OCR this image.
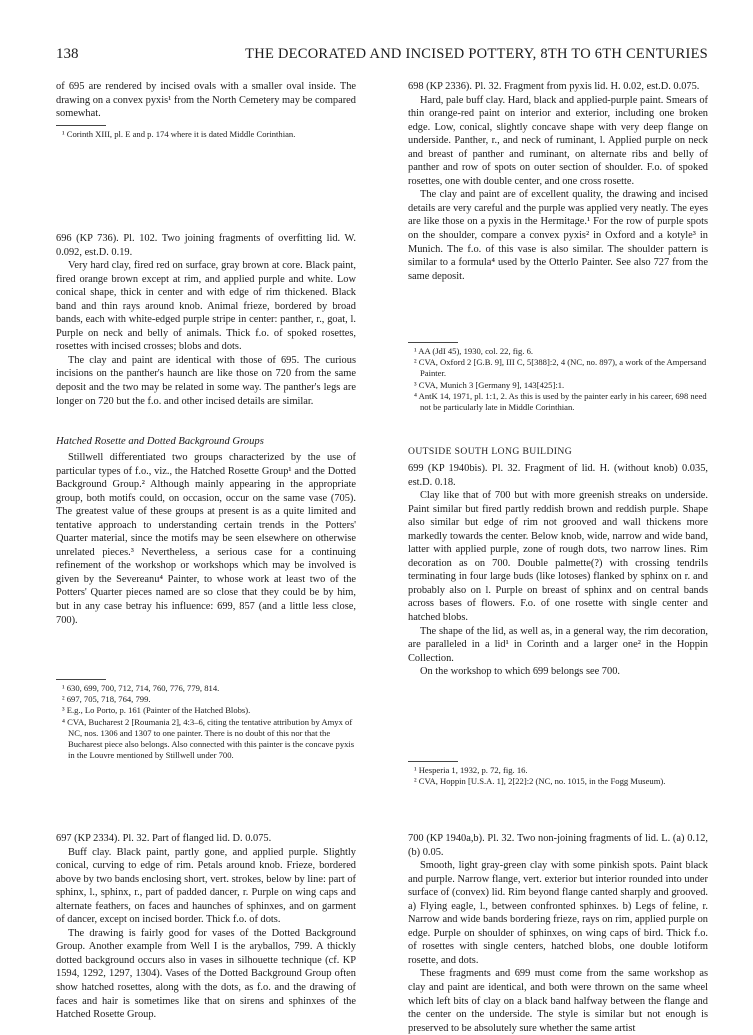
138	THE DECORATED AND INCISED POTTERY, 8TH TO 6TH CENTURIES

of 695 are rendered by incised ovals with a smaller oval inside. The drawing on a convex pyxis¹ from the North Cemetery may be compared somewhat.

¹ Corinth XIII, pl. E and p. 174 where it is dated Middle Corinthian.

696 (KP 736). Pl. 102. Two joining fragments of overfitting lid. W. 0.092, est.D. 0.19.

Very hard clay, fired red on surface, gray brown at core. Black paint, fired orange brown except at rim, and applied purple and white. Low conical shape, thick in center and with edge of rim thickened. Black band and thin rays around knob. Animal frieze, bordered by broad bands, each with white-edged purple stripe in center: panther, r., goat, l. Purple on neck and belly of animals. Thick f.o. of spoked rosettes, rosettes with incised crosses; blobs and dots.

The clay and paint are identical with those of 695. The curious incisions on the panther's haunch are like those on 720 from the same deposit and the two may be related in some way. The panther's legs are longer on 720 but the f.o. and other incised details are similar.

Hatched Rosette and Dotted Background Groups

Stillwell differentiated two groups characterized by the use of particular types of f.o., viz., the Hatched Rosette Group¹ and the Dotted Background Group.² Although mainly appearing in the appropriate group, both motifs could, on occasion, occur on the same vase (705). The greatest value of these groups at present is as a quite limited and tentative approach to understanding certain trends in the Potters' Quarter material, since the motifs may be seen elsewhere on otherwise unrelated pieces.³ Nevertheless, a serious case for a continuing refinement of the workshop or workshops which may be involved is given by the Severeanu⁴ Painter, to whose work at least two of the Potters' Quarter pieces named are so close that they could be by him, but in any case betray his influence: 699, 857 (and a little less close, 700).

¹ 630, 699, 700, 712, 714, 760, 776, 779, 814.

² 697, 705, 718, 764, 799.

³ E.g., Lo Porto, p. 161 (Painter of the Hatched Blobs).

⁴ CVA, Bucharest 2 [Roumania 2], 4:3–6, citing the tentative attribution by Amyx of NC, nos. 1306 and 1307 to one painter. There is no doubt of this nor that the Bucharest piece also belongs. Also connected with this painter is the concave pyxis in the Louvre mentioned by Stillwell under 700.

697 (KP 2334). Pl. 32. Part of flanged lid. D. 0.075.

Buff clay. Black paint, partly gone, and applied purple. Slightly conical, curving to edge of rim. Petals around knob. Frieze, bordered above by two bands enclosing short, vert. strokes, below by line: part of sphinx, l., sphinx, r., part of padded dancer, r. Purple on wing caps and alternate feathers, on faces and haunches of sphinxes, and on garment of dancer, except on incised border. Thick f.o. of dots.

The drawing is fairly good for vases of the Dotted Background Group. Another example from Well I is the aryballos, 799. A thickly dotted background occurs also in vases in silhouette technique (cf. KP 1594, 1292, 1297, 1304). Vases of the Dotted Background Group often show hatched rosettes, along with the dots, as f.o. and the drawing of faces and hair is sometimes like that on sirens and sphinxes of the Hatched Rosette Group.

698 (KP 2336). Pl. 32. Fragment from pyxis lid. H. 0.02, est.D. 0.075.

Hard, pale buff clay. Hard, black and applied-purple paint. Smears of thin orange-red paint on interior and exterior, including one broken edge. Low, conical, slightly concave shape with very deep flange on underside. Panther, r., and neck of ruminant, l. Applied purple on neck and breast of panther and ruminant, on alternate ribs and belly of panther and row of spots on outer section of shoulder. F.o. of spoked rosettes, one with double center, and one cross rosette.

The clay and paint are of excellent quality, the drawing and incised details are very careful and the purple was applied very neatly. The eyes are like those on a pyxis in the Hermitage.¹ For the row of purple spots on the shoulder, compare a convex pyxis² in Oxford and a kotyle³ in Munich. The f.o. of this vase is also similar. The shoulder pattern is similar to a formula⁴ used by the Otterlo Painter. See also 727 from the same deposit.

¹ AA (JdI 45), 1930, col. 22, fig. 6.

² CVA, Oxford 2 [G.B. 9], III C, 5[388]:2, 4 (NC, no. 897), a work of the Ampersand Painter.

³ CVA, Munich 3 [Germany 9], 143[425]:1.

⁴ AntK 14, 1971, pl. 1:1, 2. As this is used by the painter early in his career, 698 need not be particularly late in Middle Corinthian.

OUTSIDE SOUTH LONG BUILDING

699 (KP 1940bis). Pl. 32. Fragment of lid. H. (without knob) 0.035, est.D. 0.18.

Clay like that of 700 but with more greenish streaks on underside. Paint similar but fired partly reddish brown and reddish purple. Shape also similar but edge of rim not grooved and wall thickens more markedly towards the center. Below knob, wide, narrow and wide band, latter with applied purple, zone of rough dots, two narrow lines. Rim decoration as on 700. Double palmette(?) with crossing tendrils terminating in four large buds (like lotoses) flanked by sphinx on r. and probably also on l. Purple on breast of sphinx and on central bands across bases of flowers. F.o. of one rosette with single center and hatched blobs.

The shape of the lid, as well as, in a general way, the rim decoration, are paralleled in a lid¹ in Corinth and a larger one² in the Hoppin Collection.

On the workshop to which 699 belongs see 700.

¹ Hesperia 1, 1932, p. 72, fig. 16.

² CVA, Hoppin [U.S.A. 1], 2[22]:2 (NC, no. 1015, in the Fogg Museum).

700 (KP 1940a,b). Pl. 32. Two non-joining fragments of lid. L. (a) 0.12, (b) 0.05.

Smooth, light gray-green clay with some pinkish spots. Paint black and purple. Narrow flange, vert. exterior but interior rounded into under surface of (convex) lid. Rim beyond flange canted sharply and grooved. a) Flying eagle, l., between confronted sphinxes. b) Legs of feline, r. Narrow and wide bands bordering frieze, rays on rim, applied purple on edge. Purple on shoulder of sphinxes, on wing caps of bird. Thick f.o. of rosettes with single centers, hatched blobs, one double lotiform rosette, and dots.

These fragments and 699 must come from the same workshop as clay and paint are identical, and both were thrown on the same wheel which left bits of clay on a black band halfway between the flange and the center on the underside. The style is similar but not enough is preserved to be absolutely sure whether the same artist
